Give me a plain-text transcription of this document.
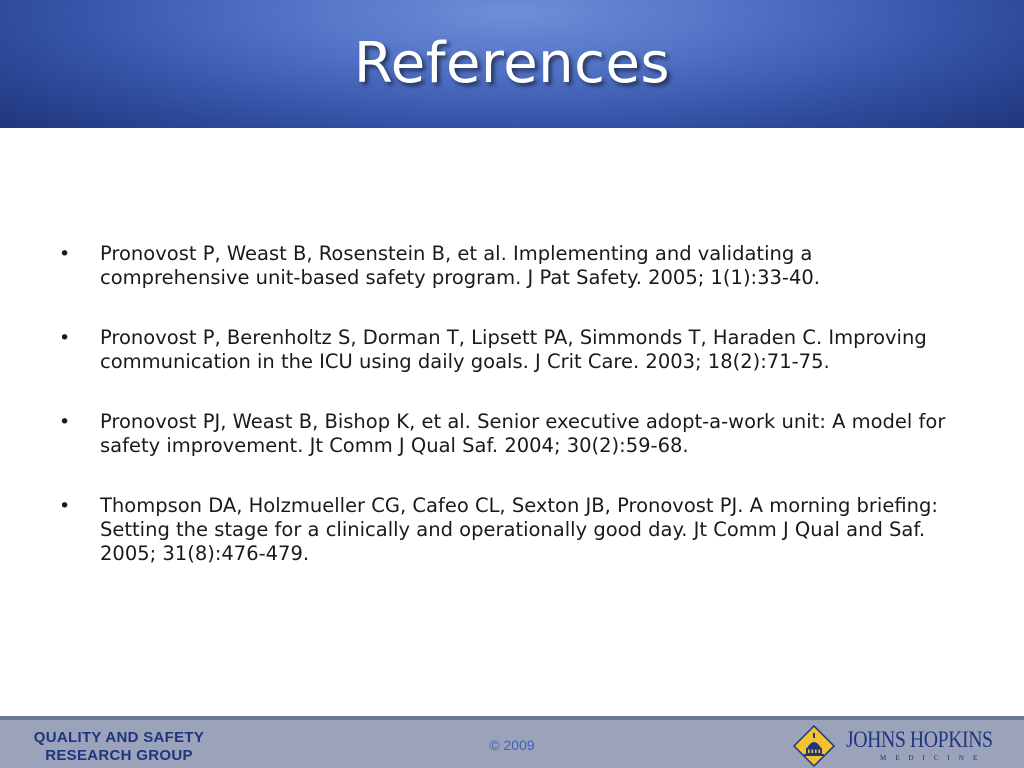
References
• Pronovost P, Weast B, Rosenstein B, et al. Implementing and validating a comprehensive unit-based safety program. J Pat Safety. 2005; 1(1):33-40.
• Pronovost P, Berenholtz S, Dorman T, Lipsett PA, Simmonds T, Haraden C. Improving communication in the ICU using daily goals. J Crit Care. 2003; 18(2):71-75.
• Pronovost PJ, Weast B, Bishop K, et al. Senior executive adopt-a-work unit: A model for safety improvement. Jt Comm J Qual Saf. 2004; 30(2):59-68.
• Thompson DA, Holzmueller CG, Cafeo CL, Sexton JB, Pronovost PJ. A morning briefing: Setting the stage for a clinically and operationally good day. Jt Comm J Qual and Saf. 2005; 31(8):476-479.
QUALITY AND SAFETY
RESEARCH GROUP
© 2009	JOHNS HOPKINS
MEDICINE
